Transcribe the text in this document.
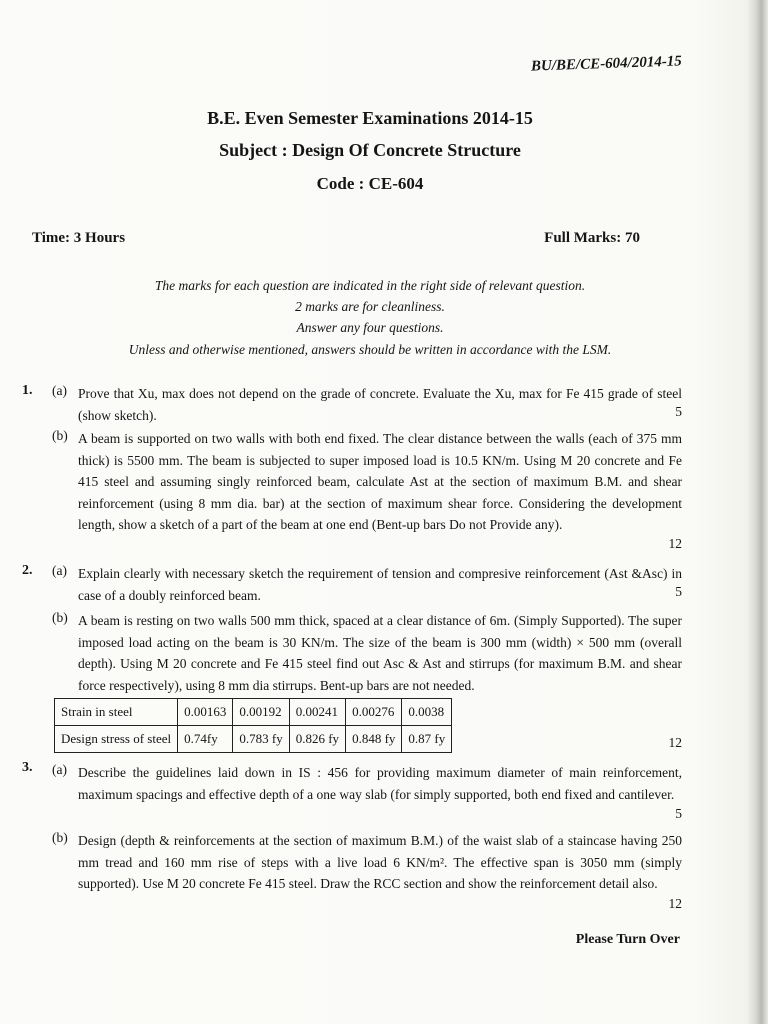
BU/BE/CE-604/2014-15
B.E. Even Semester Examinations 2014-15
Subject : Design Of Concrete Structure
Code : CE-604
Time: 3 Hours	Full Marks: 70
The marks for each question are indicated in the right side of relevant question.
2 marks are for cleanliness.
Answer any four questions.
Unless and otherwise mentioned, answers should be written in accordance with the LSM.
1. (a) Prove that Xu, max does not depend on the grade of concrete. Evaluate the Xu, max for Fe 415 grade of steel (show sketch).	5
(b) A beam is supported on two walls with both end fixed. The clear distance between the walls (each of 375 mm thick) is 5500 mm. The beam is subjected to super imposed load is 10.5 KN/m. Using M 20 concrete and Fe 415 steel and assuming singly reinforced beam, calculate Ast at the section of maximum B.M. and shear reinforcement (using 8 mm dia. bar) at the section of maximum shear force. Considering the development length, show a sketch of a part of the beam at one end (Bent-up bars Do not Provide any).
12
2. (a) Explain clearly with necessary sketch the requirement of tension and compresive reinforcement (Ast &Asc) in case of a doubly reinforced beam.	5
(b) A beam is resting on two walls 500 mm thick, spaced at a clear distance of 6m. (Simply Supported). The super imposed load acting on the beam is 30 KN/m. The size of the beam is 300 mm (width) × 500 mm (overall depth). Using M 20 concrete and Fe 415 steel find out Asc & Ast and stirrups (for maximum B.M. and shear force respectively), using 8 mm dia stirrups. Bent-up bars are not needed.
Strain in steel	0.00163	0.00192	0.00241	0.00276	0.0038
Design stress of steel	0.74fy	0.783 fy	0.826 fy	0.848 fy	0.87 fy	12
3. (a) Describe the guidelines laid down in IS : 456 for providing maximum diameter of main reinforcement, maximum spacings and effective depth of a one way slab (for simply supported, both end fixed and cantilever.
5
(b) Design (depth & reinforcements at the section of maximum B.M.) of the waist slab of a staincase having 250 mm tread and 160 mm rise of steps with a live load 6 KN/m². The effective span is 3050 mm (simply supported). Use M 20 concrete Fe 415 steel. Draw the RCC section and show the reinforcement detail also.
12
Please Turn Over
